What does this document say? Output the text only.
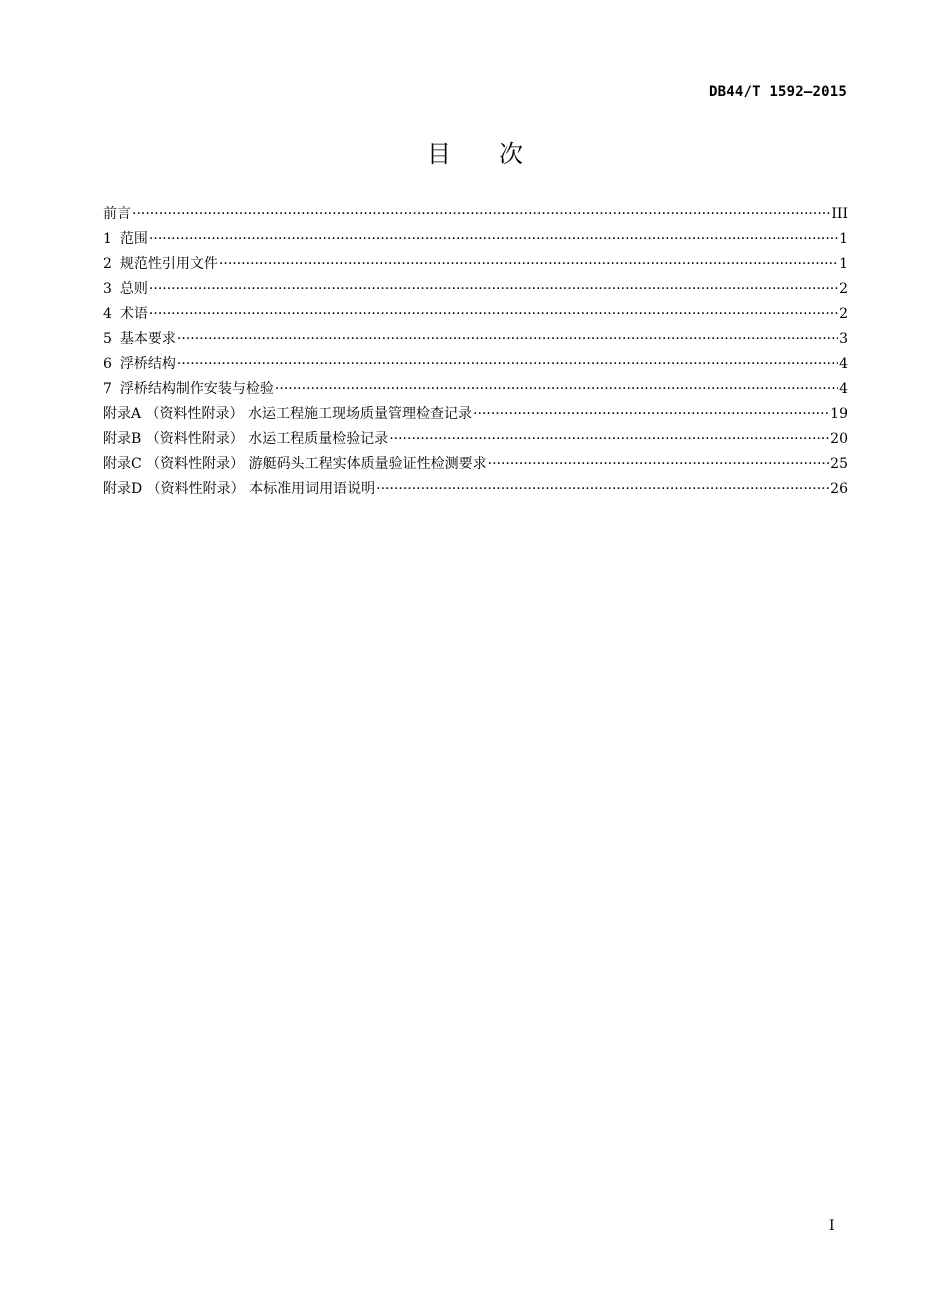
DB44/T 1592—2015
目次
前言 ·····	III
1 范围 ·····	1
2 规范性引用文件 ·····	1
3 总则 ·····	2
4 术语 ·····	2
5 基本要求 ·····	3
6 浮桥结构 ·····	4
7 浮桥结构制作安装与检验 ·····	4
附录A （资料性附录） 水运工程施工现场质量管理检查记录 ·····	19
附录B （资料性附录） 水运工程质量检验记录 ·····	20
附录C （资料性附录） 游艇码头工程实体质量验证性检测要求 ·····	25
附录D （资料性附录） 本标准用词用语说明 ·····	26
I
